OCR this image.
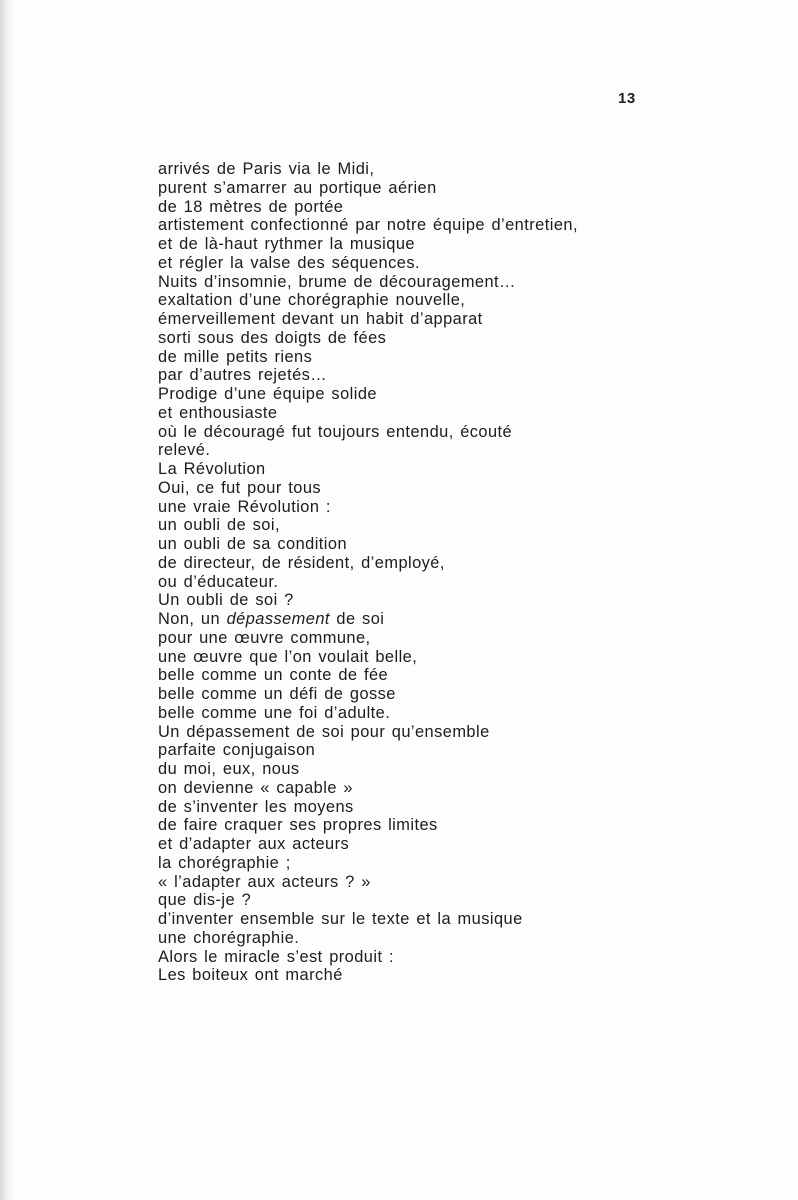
13
arrivés de Paris via le Midi,
purent s’amarrer au portique aérien
de 18 mètres de portée
artistement confectionné par notre équipe d’entretien,
et de là-haut rythmer la musique
et régler la valse des séquences.
Nuits d’insomnie, brume de découragement…
exaltation d’une chorégraphie nouvelle,
émerveillement devant un habit d’apparat
sorti sous des doigts de fées
de mille petits riens
par d’autres rejetés…
Prodige d’une équipe solide
et enthousiaste
où le découragé fut toujours entendu, écouté
relevé.
La Révolution
Oui, ce fut pour tous
une vraie Révolution :
un oubli de soi,
un oubli de sa condition
de directeur, de résident, d’employé,
ou d’éducateur.
Un oubli de soi ?
Non, un dépassement de soi
pour une œuvre commune,
une œuvre que l’on voulait belle,
belle comme un conte de fée
belle comme un défi de gosse
belle comme une foi d’adulte.
Un dépassement de soi pour qu’ensemble
parfaite conjugaison
du moi, eux, nous
on devienne « capable »
de s’inventer les moyens
de faire craquer ses propres limites
et d’adapter aux acteurs
la chorégraphie ;
« l’adapter aux acteurs ? »
que dis-je ?
d’inventer ensemble sur le texte et la musique
une chorégraphie.
Alors le miracle s’est produit :
Les boiteux ont marché
